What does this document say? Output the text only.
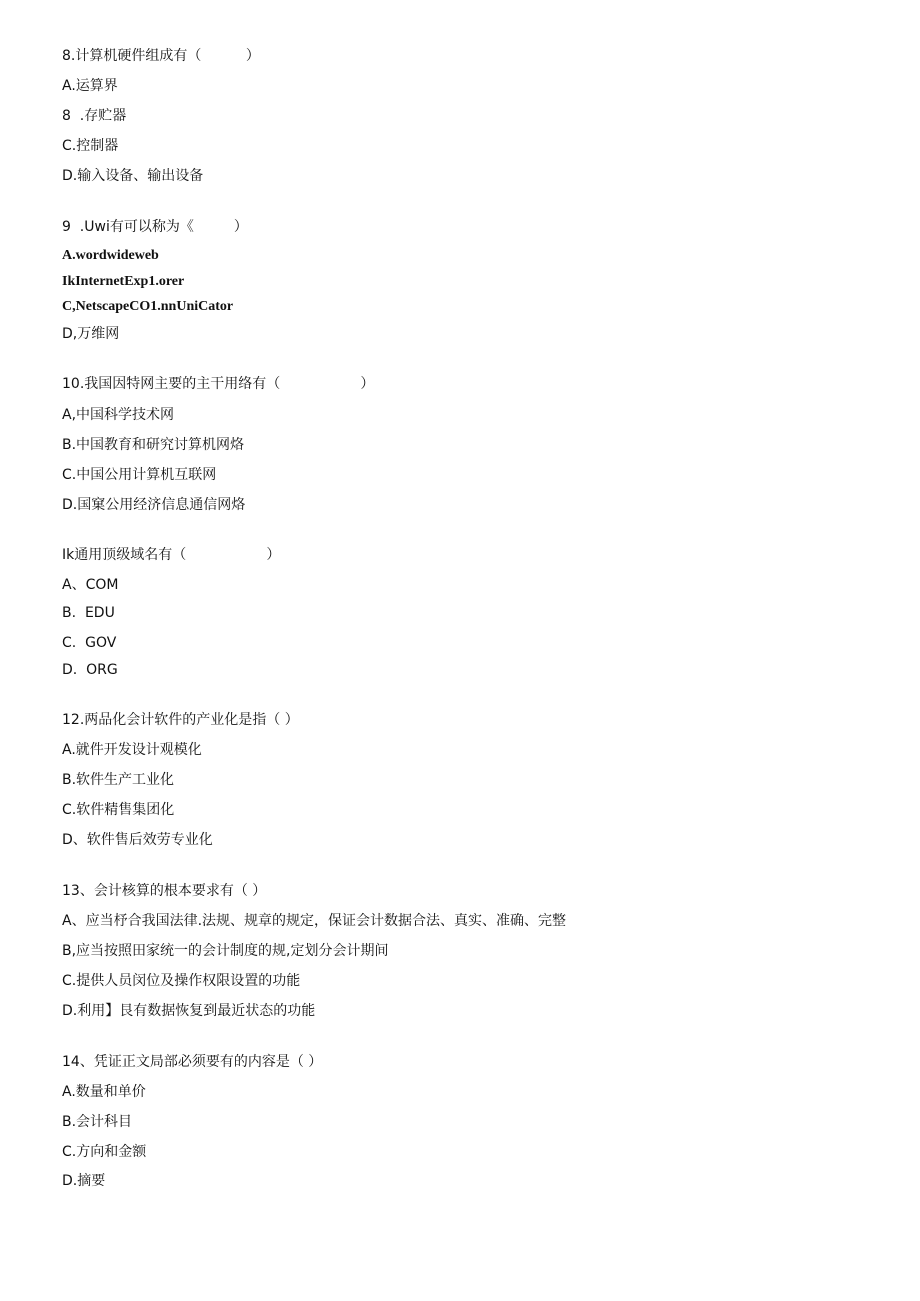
8.计算机硬件组成有（          ）
A.运算界
8  .存贮器
C.控制器
D.输入设备、输出设备
9  .Uwi有可以称为《         ）
A.wordwideweb
IkInternetExp1.orer
C,NetscapeCO1.nnUniCator
D,万维网
10.我国因特网主要的主干用络有（                  ）
A,中国科学技术网
B.中国教育和研究讨算机网烙
C.中国公用计算机互联网
D.国窠公用经济信息通信网烙
Ik通用顶级域名有（                  ）
A、COM
B.  EDU
C.  GOV
D.  ORG
12.两品化会计软件的产业化是指（ ）
A.就件开发设计观模化
B.软件生产工业化
C.软件精售集团化
D、软件售后效劳专业化
13、会计核算的根本要求有（ ）
A、应当杼合我国法律.法规、规章的规定，保证会计数据合法、真实、准确、完整
B,应当按照田家统一的会计制度的规,定划分会计期间
C.提供人员闵位及操作权限设置的功能
D.利用】艮有数据恢复到最近状态的功能
14、凭证正文局部必须要有的内容是（ ）
A.数量和单价
B.会计科目
C.方向和金额
D.摘要
